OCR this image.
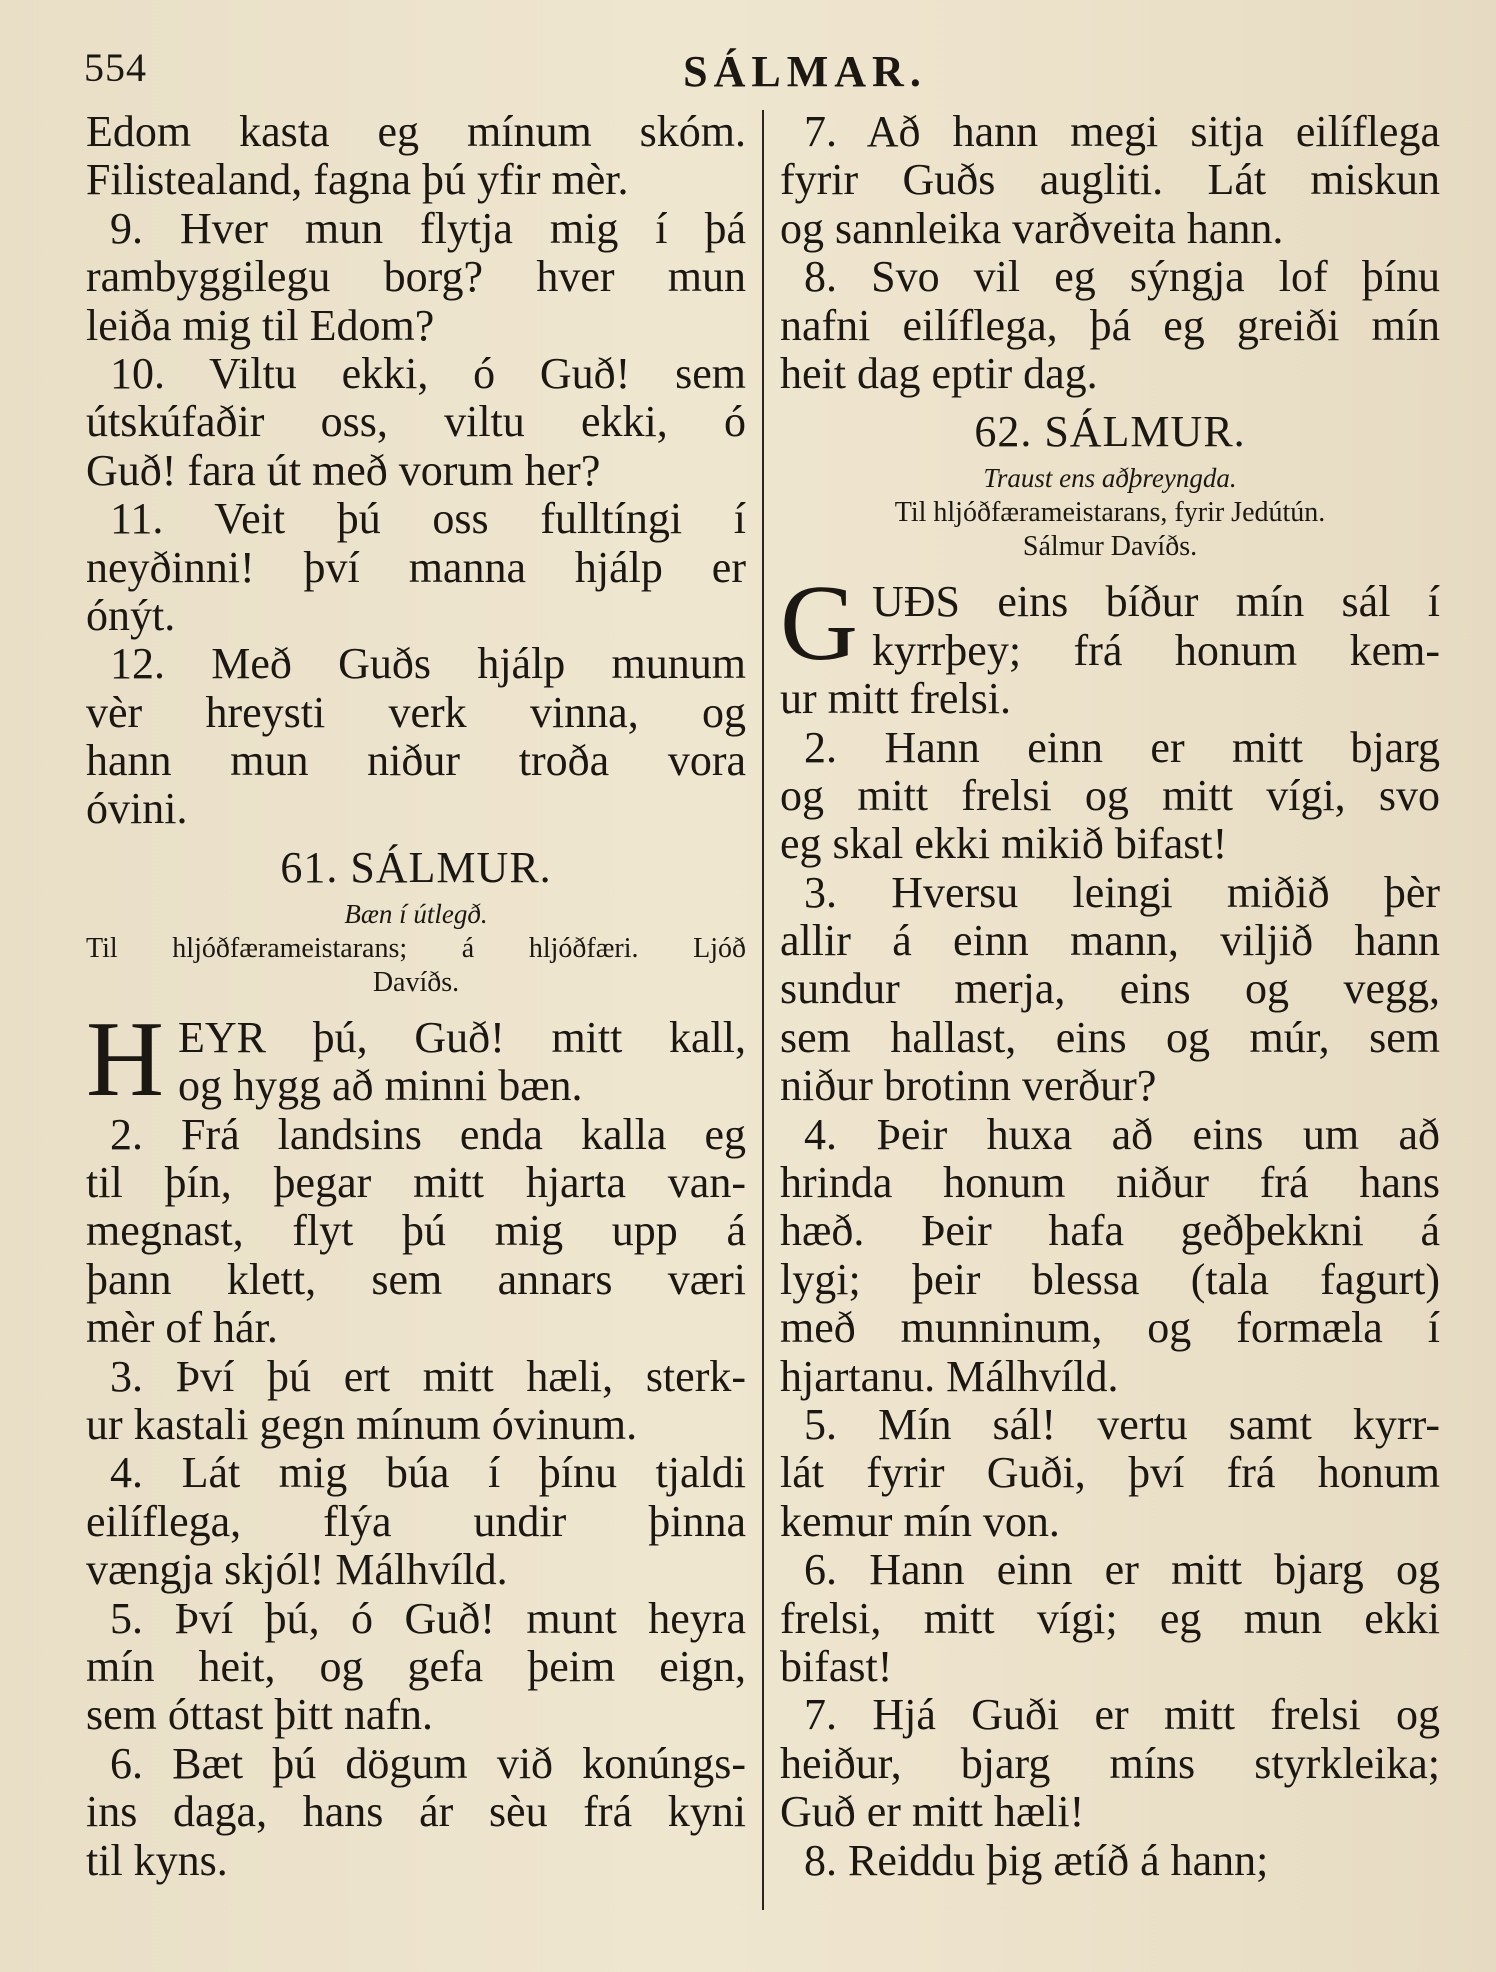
554	SÁLMAR.
Edom kasta eg mínum skóm.
Filistealand, fagna þú yfir mèr.
9. Hver mun flytja mig í þá
rambyggilegu borg? hver mun
leiða mig til Edom?
10. Viltu ekki, ó Guð! sem
útskúfaðir oss, viltu ekki, ó
Guð! fara út með vorum her?
11. Veit þú oss fulltíngi í
neyðinni! því manna hjálp er
ónýt.
12. Með Guðs hjálp munum
vèr hreysti verk vinna, og
hann mun niður troða vora
óvini.
61. SÁLMUR.
Bæn í útlegð.
Til hljóðfærameistarans; á hljóðfæri. Ljóð
Davíðs.
H EYR þú, Guð! mitt kall,
og hygg að minni bæn.
2. Frá landsins enda kalla eg
til þín, þegar mitt hjarta van-
megnast, flyt þú mig upp á
þann klett, sem annars væri
mèr of hár.
3. Því þú ert mitt hæli, sterk-
ur kastali gegn mínum óvinum.
4. Lát mig búa í þínu tjaldi
eilíflega, flýa undir þinna
vængja skjól! Málhvíld.
5. Því þú, ó Guð! munt heyra
mín heit, og gefa þeim eign,
sem óttast þitt nafn.
6. Bæt þú dögum við konúngs-
ins daga, hans ár sèu frá kyni
til kyns.
7. Að hann megi sitja eilíflega
fyrir Guðs augliti. Lát miskun
og sannleika varðveita hann.
8. Svo vil eg sýngja lof þínu
nafni eilíflega, þá eg greiði mín
heit dag eptir dag.
62. SÁLMUR.
Traust ens aðþreyngda.
Til hljóðfærameistarans, fyrir Jedútún.
Sálmur Davíðs.
G UÐS eins bíður mín sál í
kyrrþey; frá honum kem-
ur mitt frelsi.
2. Hann einn er mitt bjarg
og mitt frelsi og mitt vígi, svo
eg skal ekki mikið bifast!
3. Hversu leingi miðið þèr
allir á einn mann, viljið hann
sundur merja, eins og vegg,
sem hallast, eins og múr, sem
niður brotinn verður?
4. Þeir huxa að eins um að
hrinda honum niður frá hans
hæð. Þeir hafa geðþekkni á
lygi; þeir blessa (tala fagurt)
með munninum, og formæla í
hjartanu. Málhvíld.
5. Mín sál! vertu samt kyrr-
lát fyrir Guði, því frá honum
kemur mín von.
6. Hann einn er mitt bjarg og
frelsi, mitt vígi; eg mun ekki
bifast!
7. Hjá Guði er mitt frelsi og
heiður, bjarg míns styrkleika;
Guð er mitt hæli!
8. Reiddu þig ætíð á hann;
